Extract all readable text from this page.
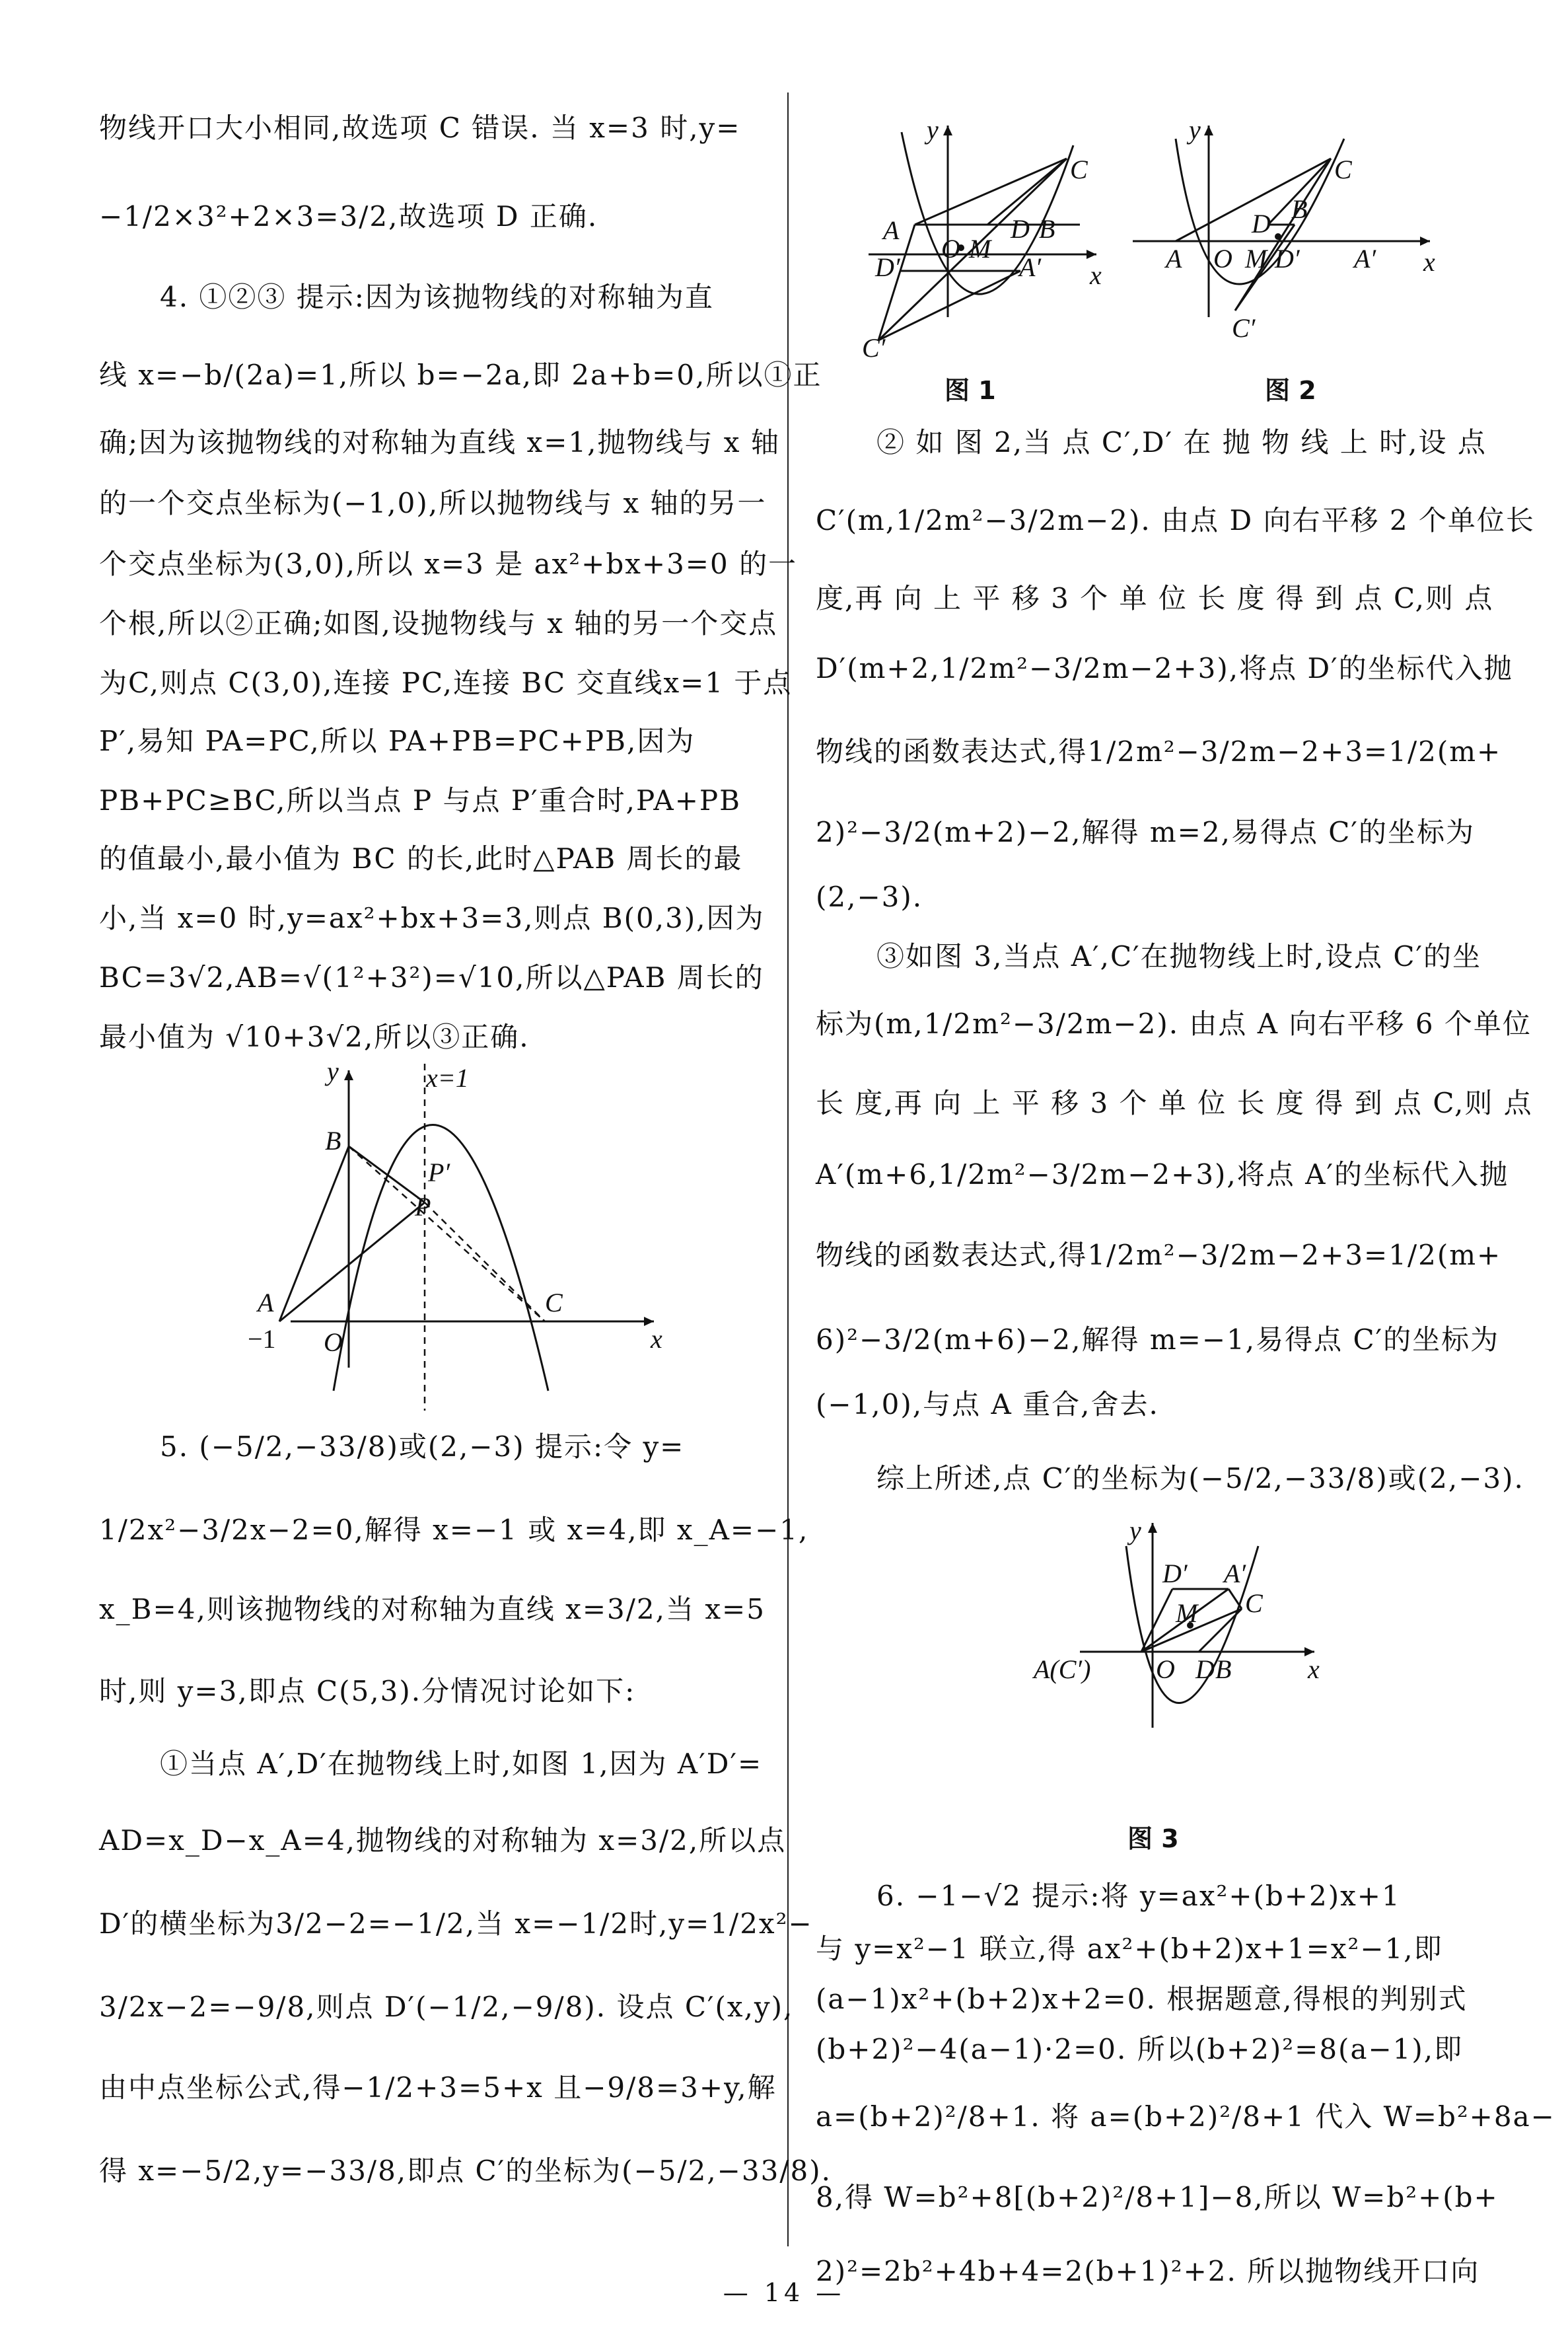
物线开口大小相同,故选项 C 错误. 当 x=3 时,y=
−1/2×3²+2×3=3/2,故选项 D 正确.
4. ①②③ 提示:因为该抛物线的对称轴为直
线 x=−b/(2a)=1,所以 b=−2a,即 2a+b=0,所以①正
确;因为该抛物线的对称轴为直线 x=1,抛物线与 x 轴
的一个交点坐标为(−1,0),所以抛物线与 x 轴的另一
个交点坐标为(3,0),所以 x=3 是 ax²+bx+3=0 的一
个根,所以②正确;如图,设抛物线与 x 轴的另一个交点
为C,则点 C(3,0),连接 PC,连接 BC 交直线x=1 于点
P′,易知 PA=PC,所以 PA+PB=PC+PB,因为
PB+PC≥BC,所以当点 P 与点 P′重合时,PA+PB
的值最小,最小值为 BC 的长,此时△PAB 周长的最
小,当 x=0 时,y=ax²+bx+3=3,则点 B(0,3),因为
BC=3√2,AB=√(1²+3²)=√10,所以△PAB 周长的
最小值为 √10+3√2,所以③正确.
y
x
x=1
B
P′
P
A	C
−1 O
5. (−5/2,−33/8)或(2,−3) 提示:令 y=
1/2x²−3/2x−2=0,解得 x=−1 或 x=4,即 x_A=−1,
x_B=4,则该抛物线的对称轴为直线 x=3/2,当 x=5
时,则 y=3,即点 C(5,3).分情况讨论如下:
①当点 A′,D′在抛物线上时,如图 1,因为 A′D′=
AD=x_D−x_A=4,抛物线的对称轴为 x=3/2,所以点
D′的横坐标为3/2−2=−1/2,当 x=−1/2时,y=1/2x²−
3/2x−2=−9/8,则点 D′(−1/2,−9/8). 设点 C′(x,y),
由中点坐标公式,得−1/2+3=5+x 且−9/8=3+y,解
得 x=−5/2,y=−33/8,即点 C′的坐标为(−5/2,−33/8).
y
x
C
A	D B
O M
D′	A′
C′
图 1
y
x
C
A O
D B
M D′ A′
C′
图 2
② 如 图 2,当 点 C′,D′ 在 抛 物 线 上 时,设 点
C′(m,1/2m²−3/2m−2). 由点 D 向右平移 2 个单位长
度,再 向 上 平 移 3 个 单 位 长 度 得 到 点 C,则 点
D′(m+2,1/2m²−3/2m−2+3),将点 D′的坐标代入抛
物线的函数表达式,得1/2m²−3/2m−2+3=1/2(m+
2)²−3/2(m+2)−2,解得 m=2,易得点 C′的坐标为
(2,−3).
③如图 3,当点 A′,C′在抛物线上时,设点 C′的坐
标为(m,1/2m²−3/2m−2). 由点 A 向右平移 6 个单位
长 度,再 向 上 平 移 3 个 单 位 长 度 得 到 点 C,则 点
A′(m+6,1/2m²−3/2m−2+3),将点 A′的坐标代入抛
物线的函数表达式,得1/2m²−3/2m−2+3=1/2(m+
6)²−3/2(m+6)−2,解得 m=−1,易得点 C′的坐标为
(−1,0),与点 A 重合,舍去.
综上所述,点 C′的坐标为(−5/2,−33/8)或(2,−3).
y
x
D′ A′
M C
A(C′) O D B
图 3
6. −1−√2 提示:将 y=ax²+(b+2)x+1
与 y=x²−1 联立,得 ax²+(b+2)x+1=x²−1,即
(a−1)x²+(b+2)x+2=0. 根据题意,得根的判别式
(b+2)²−4(a−1)·2=0. 所以(b+2)²=8(a−1),即
a=(b+2)²/8+1. 将 a=(b+2)²/8+1 代入 W=b²+8a−
8,得 W=b²+8[(b+2)²/8+1]−8,所以 W=b²+(b+
2)²=2b²+4b+4=2(b+1)²+2. 所以抛物线开口向
— 14 —
